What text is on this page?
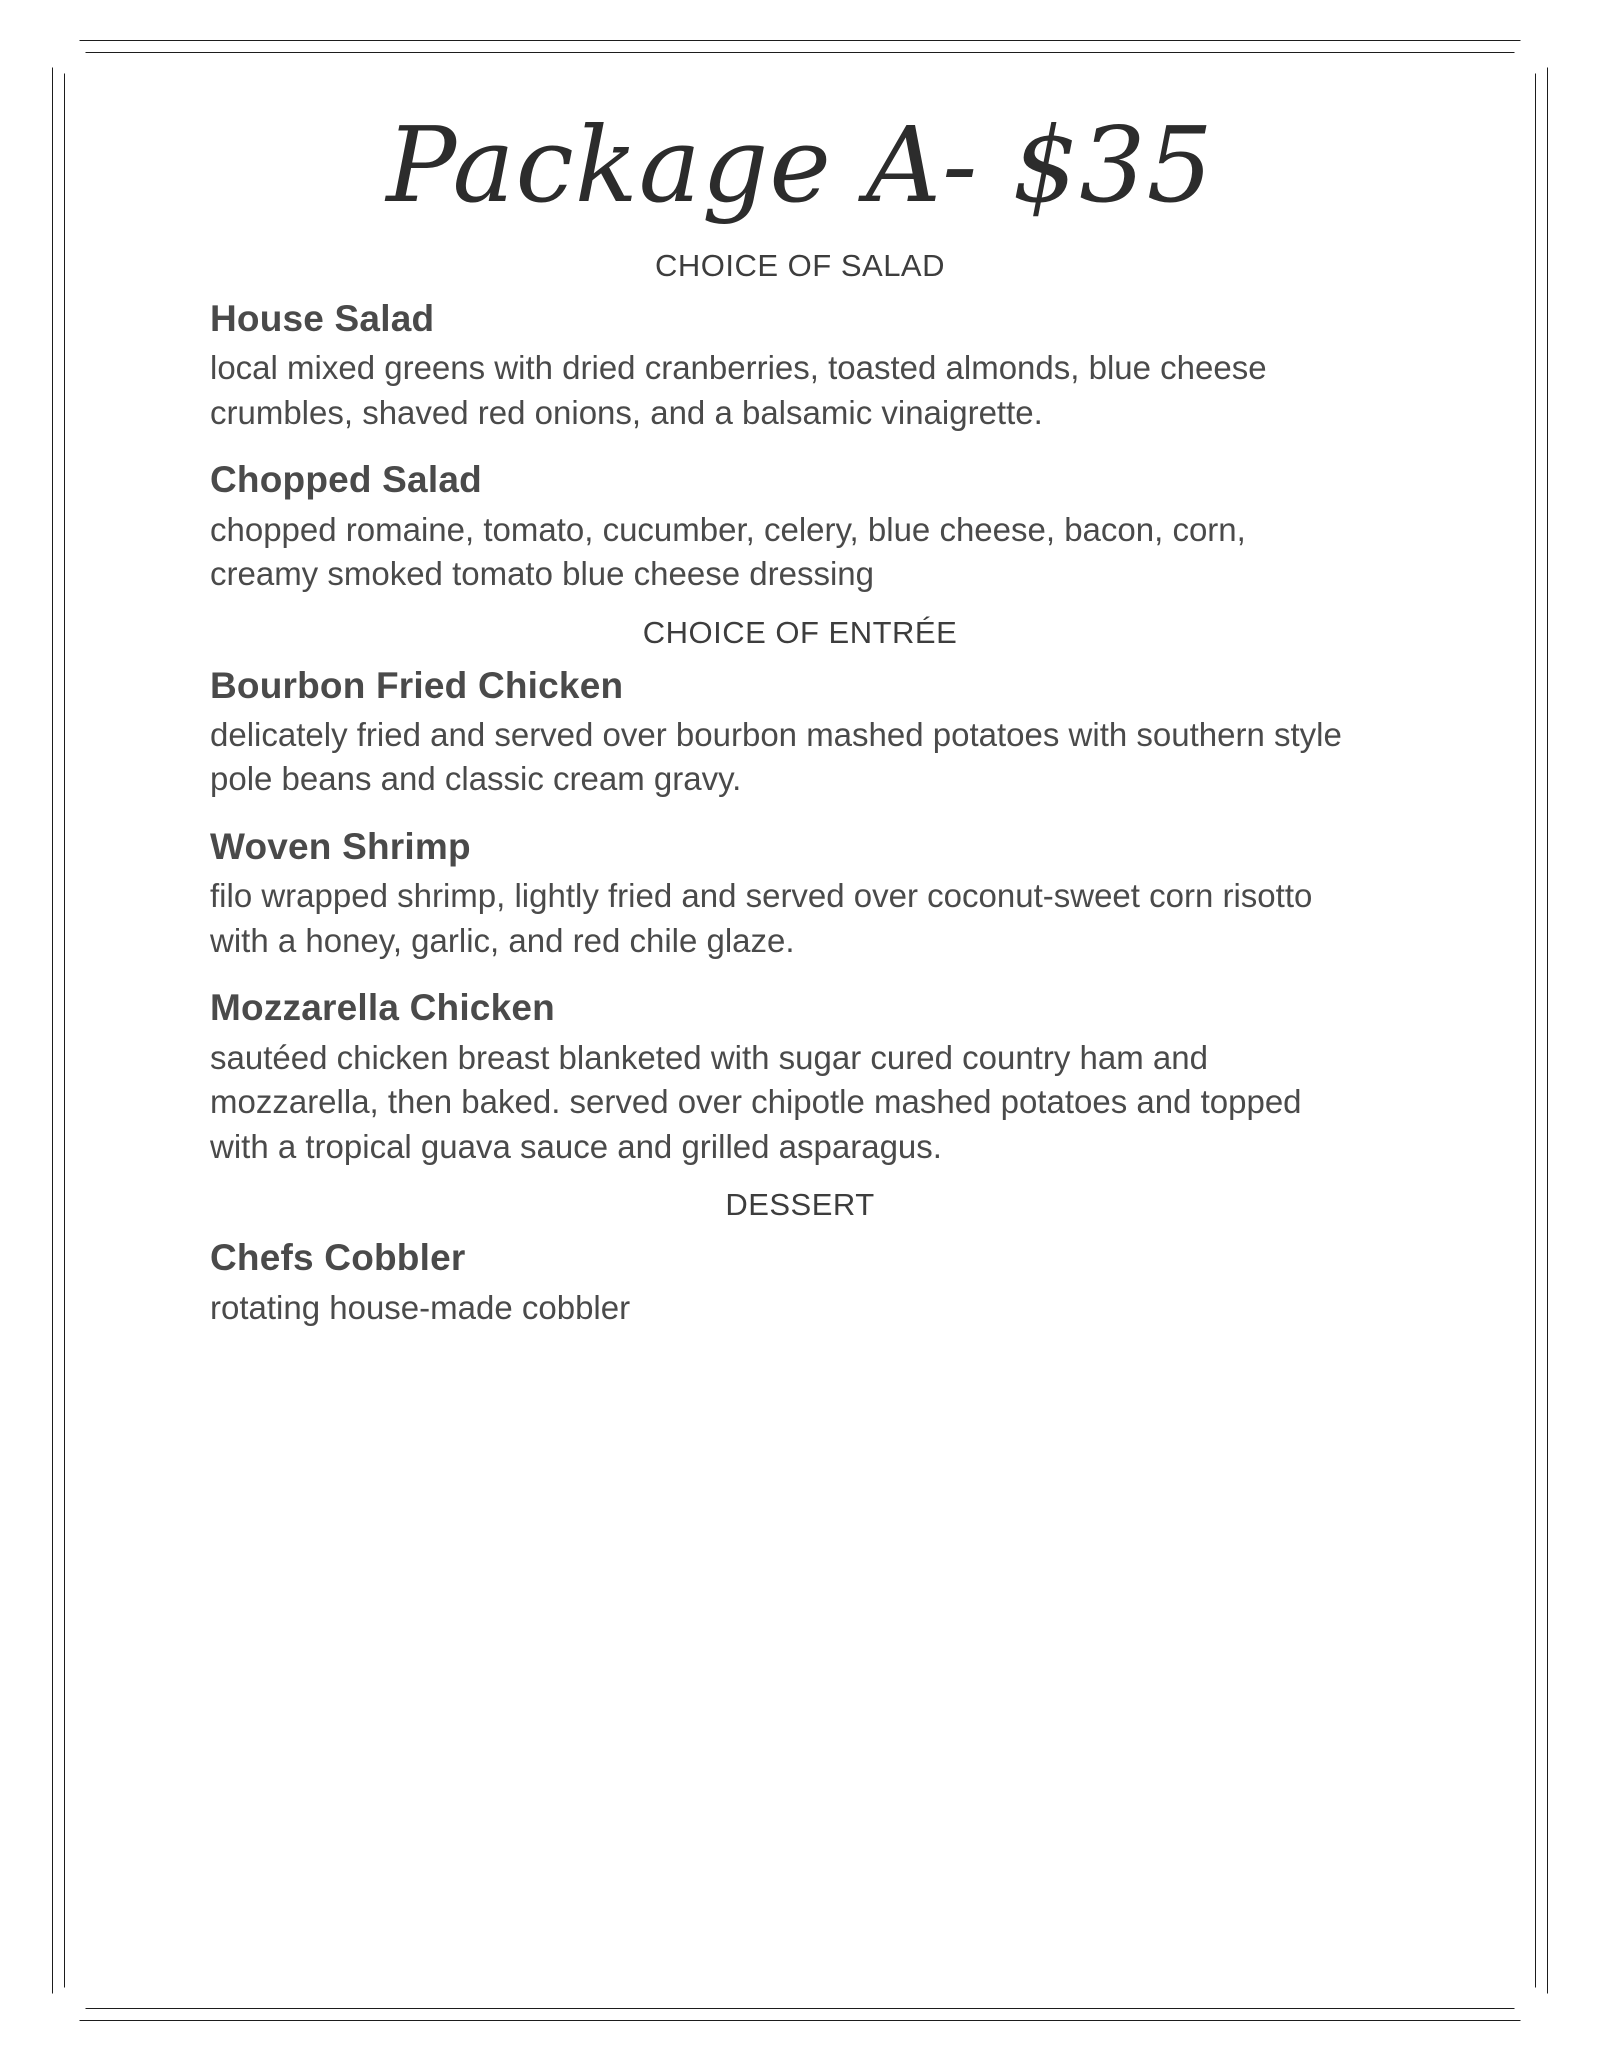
Package A- $35
CHOICE OF SALAD
House Salad
local mixed greens with dried cranberries, toasted almonds, blue cheese crumbles, shaved red onions, and a balsamic vinaigrette.
Chopped Salad
chopped romaine, tomato, cucumber, celery, blue cheese, bacon, corn, creamy smoked tomato blue cheese dressing
CHOICE OF ENTRÉE
Bourbon Fried Chicken
delicately fried and served over bourbon mashed potatoes with southern style pole beans and classic cream gravy.
Woven Shrimp
filo wrapped shrimp, lightly fried and served over coconut-sweet corn risotto with a honey, garlic, and red chile glaze.
Mozzarella Chicken
sautéed chicken breast blanketed with sugar cured country ham and mozzarella, then baked. served over chipotle mashed potatoes and topped with a tropical guava sauce and grilled asparagus.
DESSERT
Chefs Cobbler
rotating house-made cobbler
